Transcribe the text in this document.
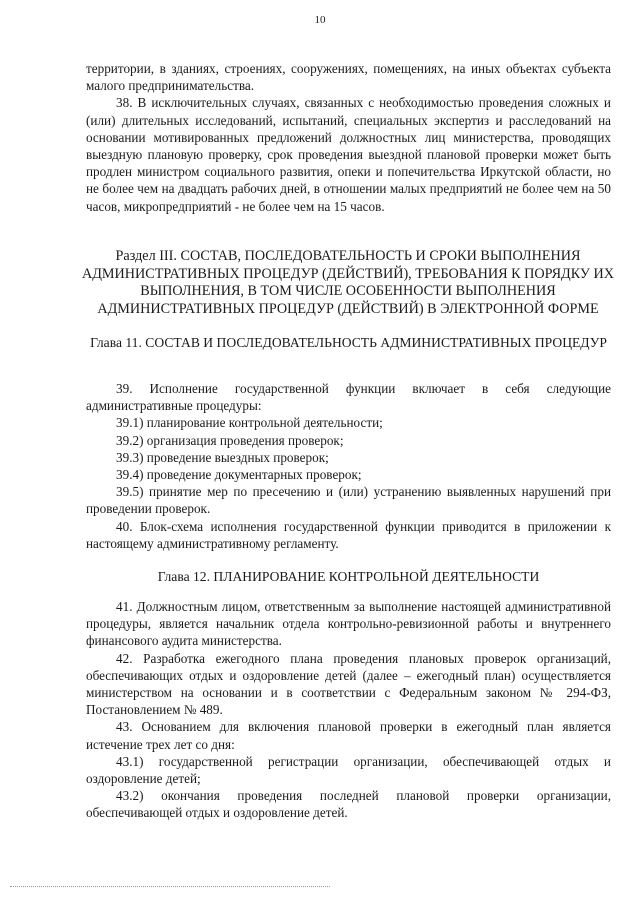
10

территории, в зданиях, строениях, сооружениях, помещениях, на иных объектах субъекта малого предпринимательства.

38. В исключительных случаях, связанных с необходимостью проведения сложных и (или) длительных исследований, испытаний, специальных экспертиз и расследований на основании мотивированных предложений должностных лиц министерства, проводящих выездную плановую проверку, срок проведения выездной плановой проверки может быть продлен министром социального развития, опеки и попечительства Иркутской области, но не более чем на двадцать рабочих дней, в отношении малых предприятий не более чем на 50 часов, микропредприятий - не более чем на 15 часов.

Раздел III. СОСТАВ, ПОСЛЕДОВАТЕЛЬНОСТЬ И СРОКИ ВЫПОЛНЕНИЯ АДМИНИСТРАТИВНЫХ ПРОЦЕДУР (ДЕЙСТВИЙ), ТРЕБОВАНИЯ К ПОРЯДКУ ИХ ВЫПОЛНЕНИЯ, В ТОМ ЧИСЛЕ ОСОБЕННОСТИ ВЫПОЛНЕНИЯ АДМИНИСТРАТИВНЫХ ПРОЦЕДУР (ДЕЙСТВИЙ) В ЭЛЕКТРОННОЙ ФОРМЕ
Глава 11. СОСТАВ И ПОСЛЕДОВАТЕЛЬНОСТЬ АДМИНИСТРАТИВНЫХ ПРОЦЕДУР

39. Исполнение государственной функции включает в себя следующие административные процедуры:

39.1) планирование контрольной деятельности;

39.2) организация проведения проверок;

39.3) проведение выездных проверок;

39.4) проведение документарных проверок;

39.5) принятие мер по пресечению и (или) устранению выявленных нарушений при проведении проверок.

40. Блок-схема исполнения государственной функции приводится в приложении к настоящему административному регламенту.

Глава 12. ПЛАНИРОВАНИЕ КОНТРОЛЬНОЙ ДЕЯТЕЛЬНОСТИ

41. Должностным лицом, ответственным за выполнение настоящей административной процедуры, является начальник отдела контрольно-ревизионной работы и внутреннего финансового аудита министерства.

42. Разработка ежегодного плана проведения плановых проверок организаций, обеспечивающих отдых и оздоровление детей (далее – ежегодный план) осуществляется министерством на основании и в соответствии с Федеральным законом № 294-ФЗ, Постановлением № 489.

43. Основанием для включения плановой проверки в ежегодный план является истечение трех лет со дня:

43.1) государственной регистрации организации, обеспечивающей отдых и оздоровление детей;

43.2) окончания проведения последней плановой проверки организации, обеспечивающей отдых и оздоровление детей.
